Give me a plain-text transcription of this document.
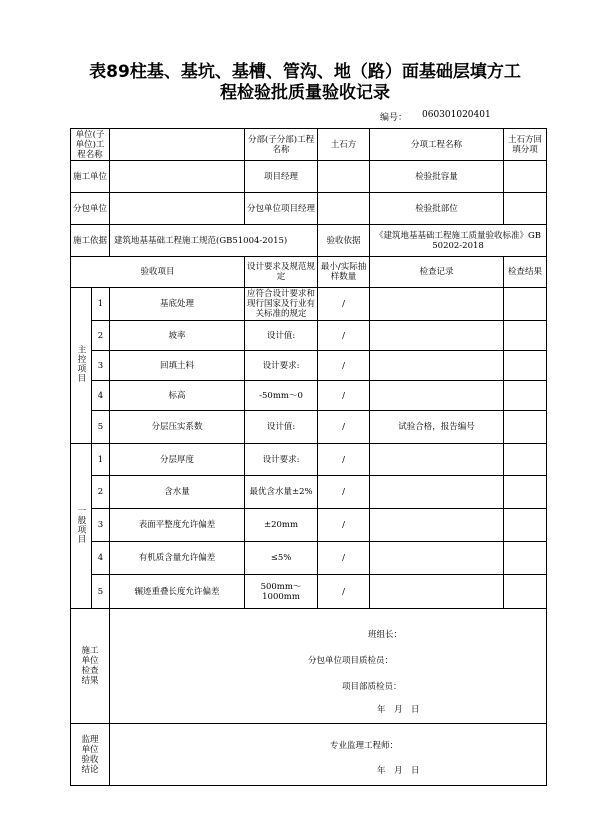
表89柱基、基坑、基槽、管沟、地（路）面基础层填方工
程检验批质量验收记录
编号： 060301020401
单位(子单位)工程名称			分部(子分部)工程名称	土石方	分项工程名称	土石方回填分项
施工单位			项目经理		检验批容量	
分包单位			分包单位项目经理		检验批部位	
施工依据		建筑地基基础工程施工规范(GB51004-2015)		验收依据	《建筑地基基础工程施工质量验收标准》GB 50202-2018	
验收项目			设计要求及规范规定	最小/实际抽样数量	检查记录	检查结果
主控项目	1	基底处理	应符合设计要求和现行国家及行业有关标准的规定	/		
	2	坡率	设计值:	/		
	3	回填土料	设计要求:	/		
	4	标高	-50mm～0	/		
	5	分层压实系数	设计值:	/	试验合格，报告编号	
一般项目	1	分层厚度	设计要求:	/		
	2	含水量	最优含水量±2%	/		
	3	表面平整度允许偏差	±20mm	/		
	4	有机质含量允许偏差	≤5%	/		
	5	辗迹重叠长度允许偏差	500mm～1000mm	/		
施工单位检查结果		班组长：
分包单位项目质检员：
项目部质检员：
年　月　日				

监理单位验收结论		专业监理工程师：
年　月　日				
